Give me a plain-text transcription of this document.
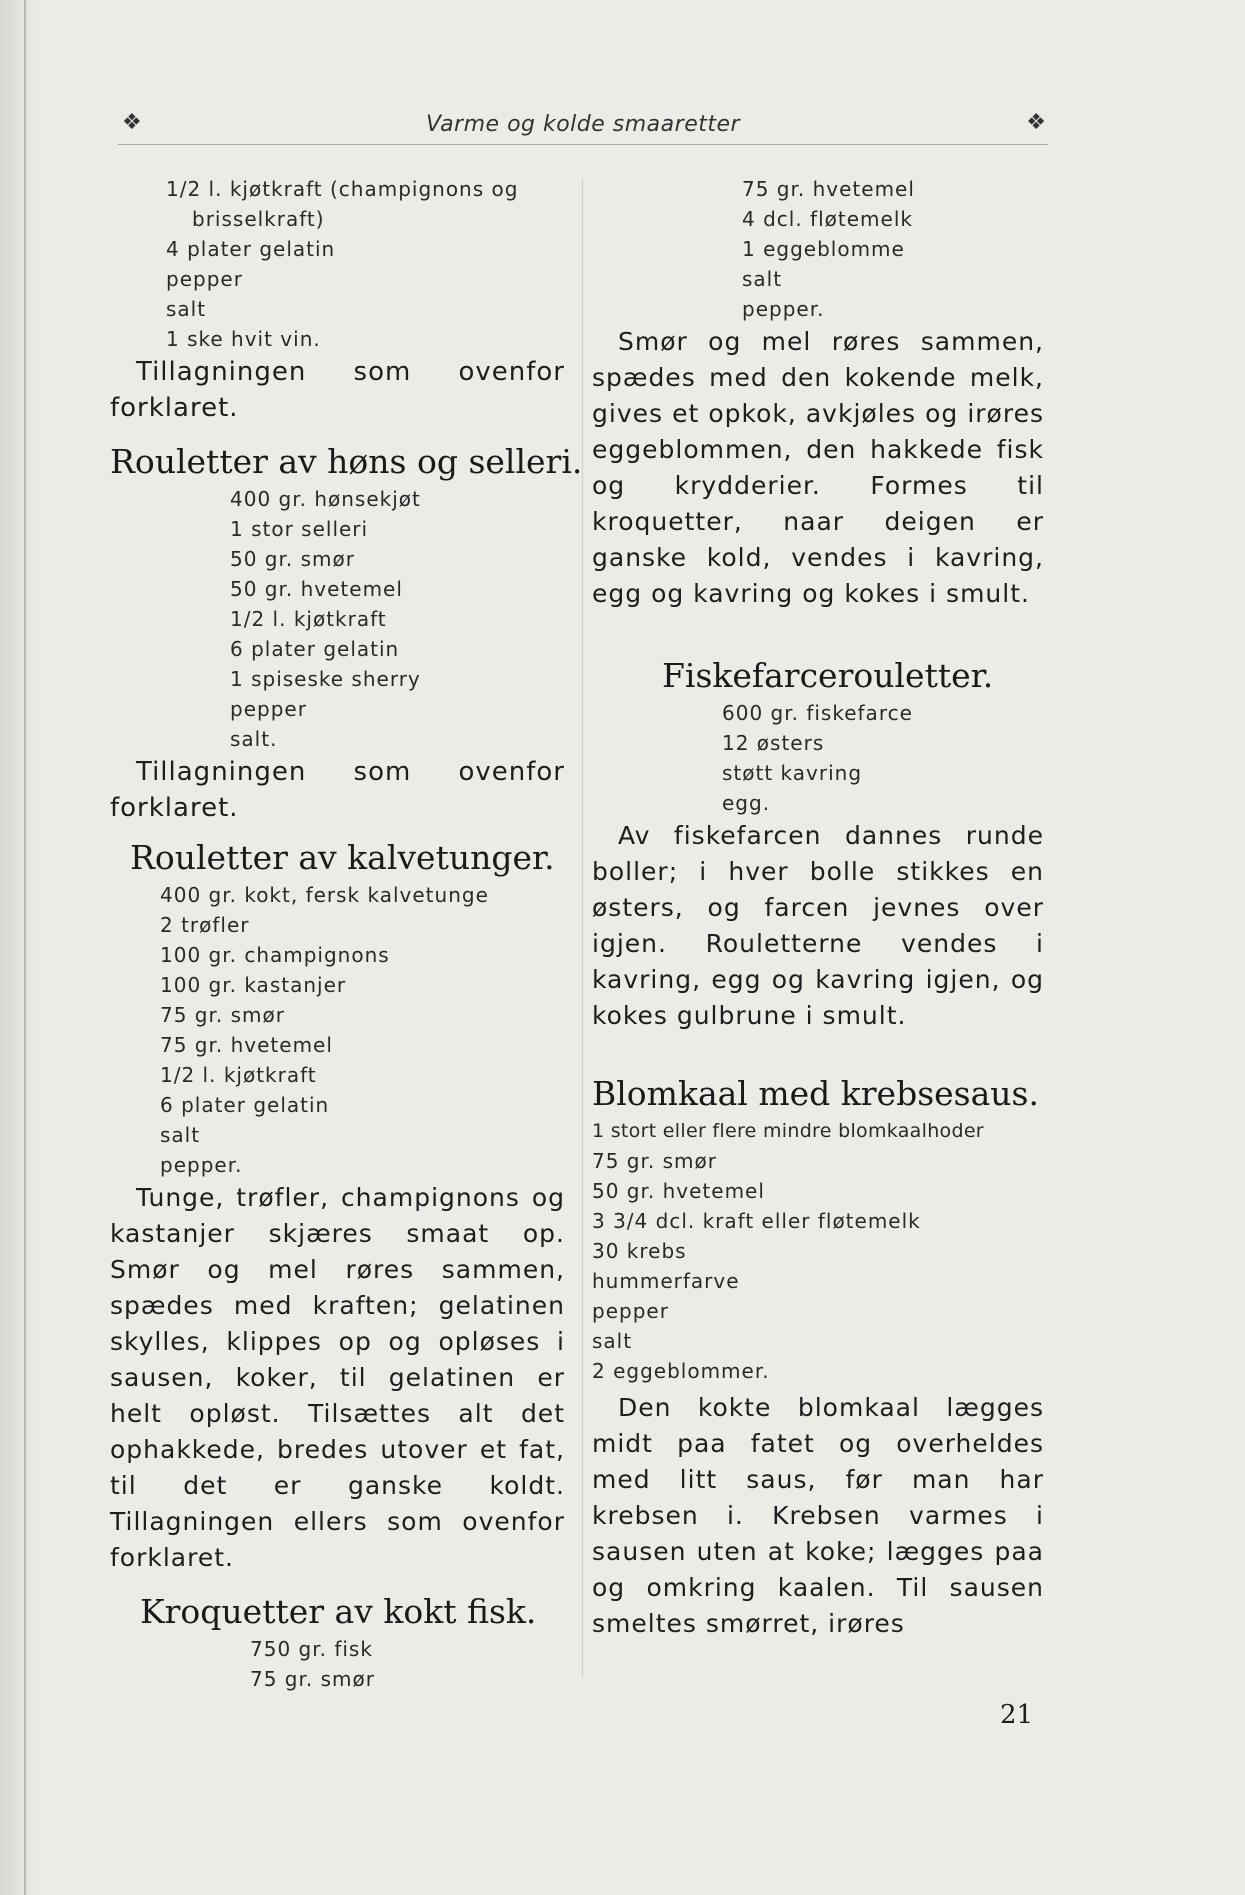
❖	Varme og kolde smaaretter	❖
1/2 l. kjøtkraft (champignons og
brisselkraft)
4 plater gelatin
pepper
salt
1 ske hvit vin.
Tillagningen som ovenfor forklaret.
Rouletter av høns og selleri.
400 gr. hønsekjøt
1 stor selleri
50 gr. smør
50 gr. hvetemel
1/2 l. kjøtkraft
6 plater gelatin
1 spiseske sherry
pepper
salt.
Tillagningen som ovenfor forklaret.
Rouletter av kalvetunger.
400 gr. kokt, fersk kalvetunge
2 trøfler
100 gr. champignons
100 gr. kastanjer
75 gr. smør
75 gr. hvetemel
1/2 l. kjøtkraft
6 plater gelatin
salt
pepper.
Tunge, trøfler, champignons og kastanjer skjæres smaat op. Smør og mel røres sammen, spædes med kraften; gelatinen skylles, klippes op og opløses i sausen, koker, til gelatinen er helt opløst. Tilsættes alt det ophakkede, bredes utover et fat, til det er ganske koldt. Tillagningen ellers som ovenfor forklaret.
Kroquetter av kokt fisk.
750 gr. fisk
75 gr. smør
75 gr. hvetemel
4 dcl. fløtemelk
1 eggeblomme
salt
pepper.
Smør og mel røres sammen, spædes med den kokende melk, gives et opkok, avkjøles og irøres eggeblommen, den hakkede fisk og krydderier. Formes til kroquetter, naar deigen er ganske kold, vendes i kavring, egg og kavring og kokes i smult.
Fiskefarcerouletter.
600 gr. fiskefarce
12 østers
støtt kavring
egg.
Av fiskefarcen dannes runde boller; i hver bolle stikkes en østers, og farcen jevnes over igjen. Rouletterne vendes i kavring, egg og kavring igjen, og kokes gulbrune i smult.
Blomkaal med krebsesaus.
1 stort eller flere mindre blomkaalhoder
75 gr. smør
50 gr. hvetemel
3 3/4 dcl. kraft eller fløtemelk
30 krebs
hummerfarve
pepper
salt
2 eggeblommer.
Den kokte blomkaal lægges midt paa fatet og overheldes med litt saus, før man har krebsen i. Krebsen varmes i sausen uten at koke; lægges paa og omkring kaalen. Til sausen smeltes smørret, irøres
21
